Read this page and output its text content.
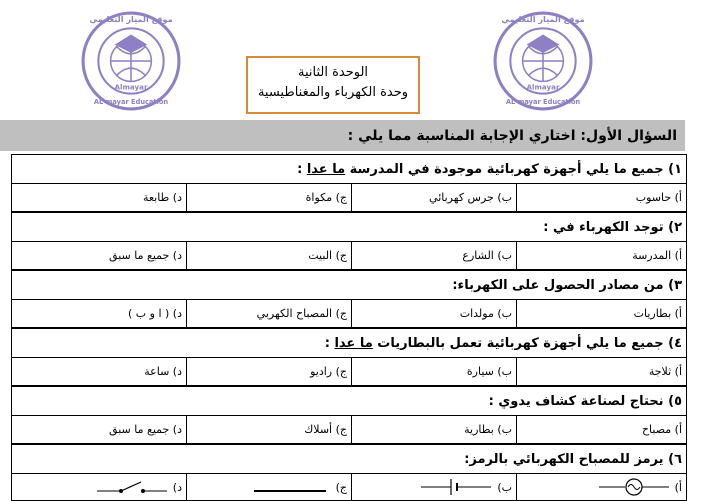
موقع الميار التعليمي
Almayar
AL mayar Education
موقع الميار التعليمي
Almayar
AL mayar Education
الوحدة الثانية
وحدة الكهرباء والمغناطيسية
السؤال الأول: اختاري الإجابة المناسبة مما يلي :
١) جميع ما يلي أجهزة كهربائية موجودة في المدرسة ما عدا :
أ) حاسوب
ب) جرس كهربائي
ج) مكواة
د) طابعة
٢) توجد الكهرباء في :
أ) المدرسة
ب) الشارع
ج) البيت
د) جميع ما سبق
٣) من مصادر الحصول على الكهرباء:
أ) بطاريات
ب) مولدات
ج) المصباح الكهربي
د) ( ا و ب )
٤) جميع ما يلي أجهزة كهربائية تعمل بالبطاريات ما عدا :
أ) ثلاجة
ب) سيارة
ج) راديو
د) ساعة
٥) نحتاج لصناعة كشاف يدوي :
أ) مصباح
ب) بطارية
ج) أسلاك
د) جميع ما سبق
٦) يرمز للمصباح الكهربائي بالرمز:
أ)
ب)
ج)
د)
